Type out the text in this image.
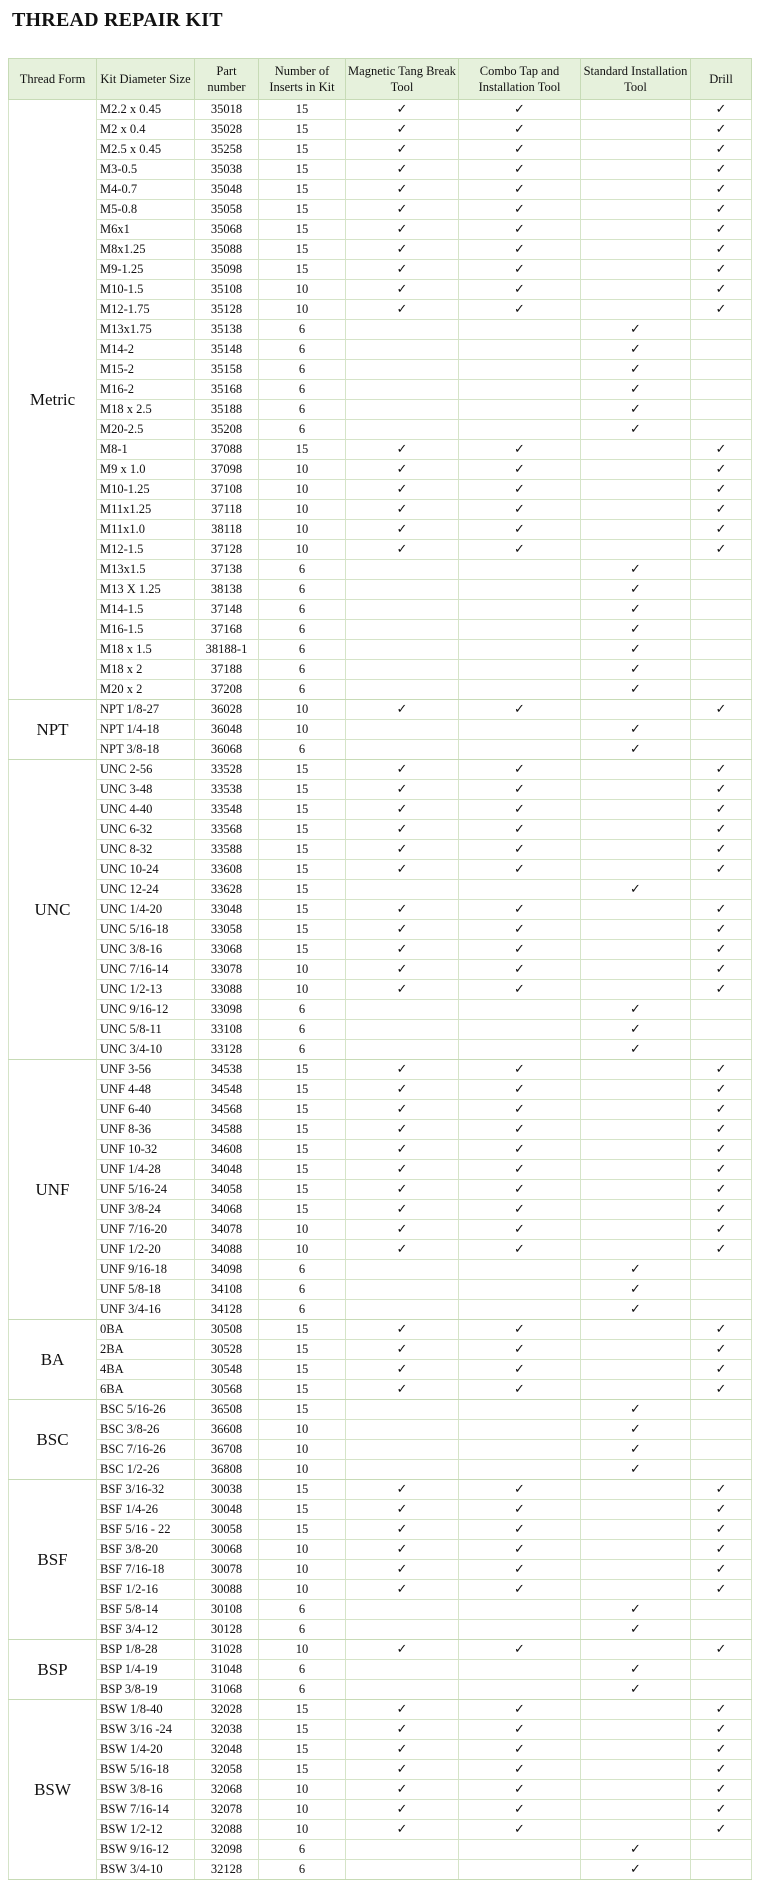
THREAD REPAIR KIT
Thread Form	Kit Diameter Size	Part number	Number of Inserts in Kit	Magnetic Tang Break Tool	Combo Tap and Installation Tool	Standard Installation Tool	Drill
Metric	M2.2 x 0.45	35018	15	✓	✓		✓
	M2 x 0.4	35028	15	✓	✓		✓
	M2.5 x 0.45	35258	15	✓	✓		✓
	M3-0.5	35038	15	✓	✓		✓
	M4-0.7	35048	15	✓	✓		✓
	M5-0.8	35058	15	✓	✓		✓
	M6x1	35068	15	✓	✓		✓
	M8x1.25	35088	15	✓	✓		✓
	M9-1.25	35098	15	✓	✓		✓
	M10-1.5	35108	10	✓	✓		✓
	M12-1.75	35128	10	✓	✓		✓
	M13x1.75	35138	6			✓	
	M14-2	35148	6			✓	
	M15-2	35158	6			✓	
	M16-2	35168	6			✓	
	M18 x 2.5	35188	6			✓	
	M20-2.5	35208	6			✓	
	M8-1	37088	15	✓	✓		✓
	M9 x 1.0	37098	10	✓	✓		✓
	M10-1.25	37108	10	✓	✓		✓
	M11x1.25	37118	10	✓	✓		✓
	M11x1.0	38118	10	✓	✓		✓
	M12-1.5	37128	10	✓	✓		✓
	M13x1.5	37138	6			✓	
	M13 X 1.25	38138	6			✓	
	M14-1.5	37148	6			✓	
	M16-1.5	37168	6			✓	
	M18 x 1.5	38188-1	6			✓	
	M18 x 2	37188	6			✓	
	M20 x 2	37208	6			✓	
NPT	NPT 1/8-27	36028	10	✓	✓		✓
	NPT 1/4-18	36048	10			✓	
	NPT 3/8-18	36068	6			✓	
UNC	UNC 2-56	33528	15	✓	✓		✓
	UNC 3-48	33538	15	✓	✓		✓
	UNC 4-40	33548	15	✓	✓		✓
	UNC 6-32	33568	15	✓	✓		✓
	UNC 8-32	33588	15	✓	✓		✓
	UNC 10-24	33608	15	✓	✓		✓
	UNC 12-24	33628	15			✓	
	UNC 1/4-20	33048	15	✓	✓		✓
	UNC 5/16-18	33058	15	✓	✓		✓
	UNC 3/8-16	33068	15	✓	✓		✓
	UNC 7/16-14	33078	10	✓	✓		✓
	UNC 1/2-13	33088	10	✓	✓		✓
	UNC 9/16-12	33098	6			✓	
	UNC 5/8-11	33108	6			✓	
	UNC 3/4-10	33128	6			✓	
UNF	UNF 3-56	34538	15	✓	✓		✓
	UNF 4-48	34548	15	✓	✓		✓
	UNF 6-40	34568	15	✓	✓		✓
	UNF 8-36	34588	15	✓	✓		✓
	UNF 10-32	34608	15	✓	✓		✓
	UNF 1/4-28	34048	15	✓	✓		✓
	UNF 5/16-24	34058	15	✓	✓		✓
	UNF 3/8-24	34068	15	✓	✓		✓
	UNF 7/16-20	34078	10	✓	✓		✓
	UNF 1/2-20	34088	10	✓	✓		✓
	UNF 9/16-18	34098	6			✓	
	UNF 5/8-18	34108	6			✓	
	UNF 3/4-16	34128	6			✓	
BA	0BA	30508	15	✓	✓		✓
	2BA	30528	15	✓	✓		✓
	4BA	30548	15	✓	✓		✓
	6BA	30568	15	✓	✓		✓
BSC	BSC 5/16-26	36508	15			✓	
	BSC 3/8-26	36608	10			✓	
	BSC 7/16-26	36708	10			✓	
	BSC 1/2-26	36808	10			✓	
BSF	BSF 3/16-32	30038	15	✓	✓		✓
	BSF 1/4-26	30048	15	✓	✓		✓
	BSF 5/16 - 22	30058	15	✓	✓		✓
	BSF 3/8-20	30068	10	✓	✓		✓
	BSF 7/16-18	30078	10	✓	✓		✓
	BSF 1/2-16	30088	10	✓	✓		✓
	BSF 5/8-14	30108	6			✓	
	BSF 3/4-12	30128	6			✓	
BSP	BSP 1/8-28	31028	10	✓	✓		✓
	BSP 1/4-19	31048	6			✓	
	BSP 3/8-19	31068	6			✓	
BSW	BSW 1/8-40	32028	15	✓	✓		✓
	BSW 3/16 -24	32038	15	✓	✓		✓
	BSW 1/4-20	32048	15	✓	✓		✓
	BSW 5/16-18	32058	15	✓	✓		✓
	BSW 3/8-16	32068	10	✓	✓		✓
	BSW 7/16-14	32078	10	✓	✓		✓
	BSW 1/2-12	32088	10	✓	✓		✓
	BSW 9/16-12	32098	6			✓	
	BSW 3/4-10	32128	6			✓	
